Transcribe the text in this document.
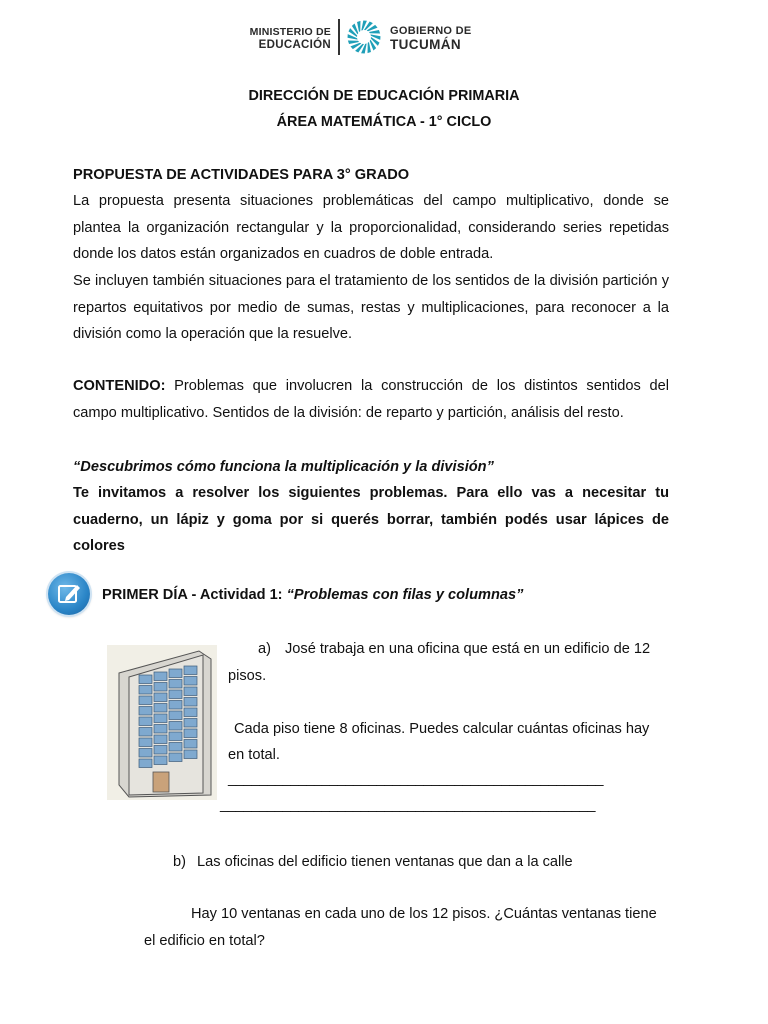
MINISTERIO DE
EDUCACIÓN
GOBIERNO DE
TUCUMÁN
DIRECCIÓN DE EDUCACIÓN PRIMARIA
ÁREA MATEMÁTICA - 1° CICLO
PROPUESTA DE ACTIVIDADES PARA 3° GRADO
La propuesta presenta situaciones problemáticas del campo multiplicativo, donde se plantea la organización rectangular y la proporcionalidad, considerando series repetidas donde los datos están organizados en cuadros de doble entrada.
Se incluyen también situaciones para el tratamiento de los sentidos de la división partición y repartos equitativos por medio de sumas, restas y multiplicaciones, para reconocer a la división como la operación que la resuelve.
CONTENIDO: Problemas que involucren la construcción de los distintos sentidos del campo multiplicativo. Sentidos de la división: de reparto y partición, análisis del resto.
“Descubrimos cómo funciona la multiplicación y la división”
Te invitamos a resolver los siguientes problemas. Para ello vas a necesitar tu cuaderno, un lápiz y goma por si querés borrar, también podés usar lápices de colores
PRIMER DÍA - Actividad 1: “Problemas con filas y columnas”
a) José trabaja en una oficina que está en un edificio de 12
pisos.
Cada piso tiene 8 oficinas. Puedes calcular cuántas oficinas hay
en total.
________________________________________________
________________________________________________
b) Las oficinas del edificio tienen ventanas que dan a la calle
Hay 10 ventanas en cada uno de los 12 pisos. ¿Cuántas ventanas tiene
el edificio en total?
